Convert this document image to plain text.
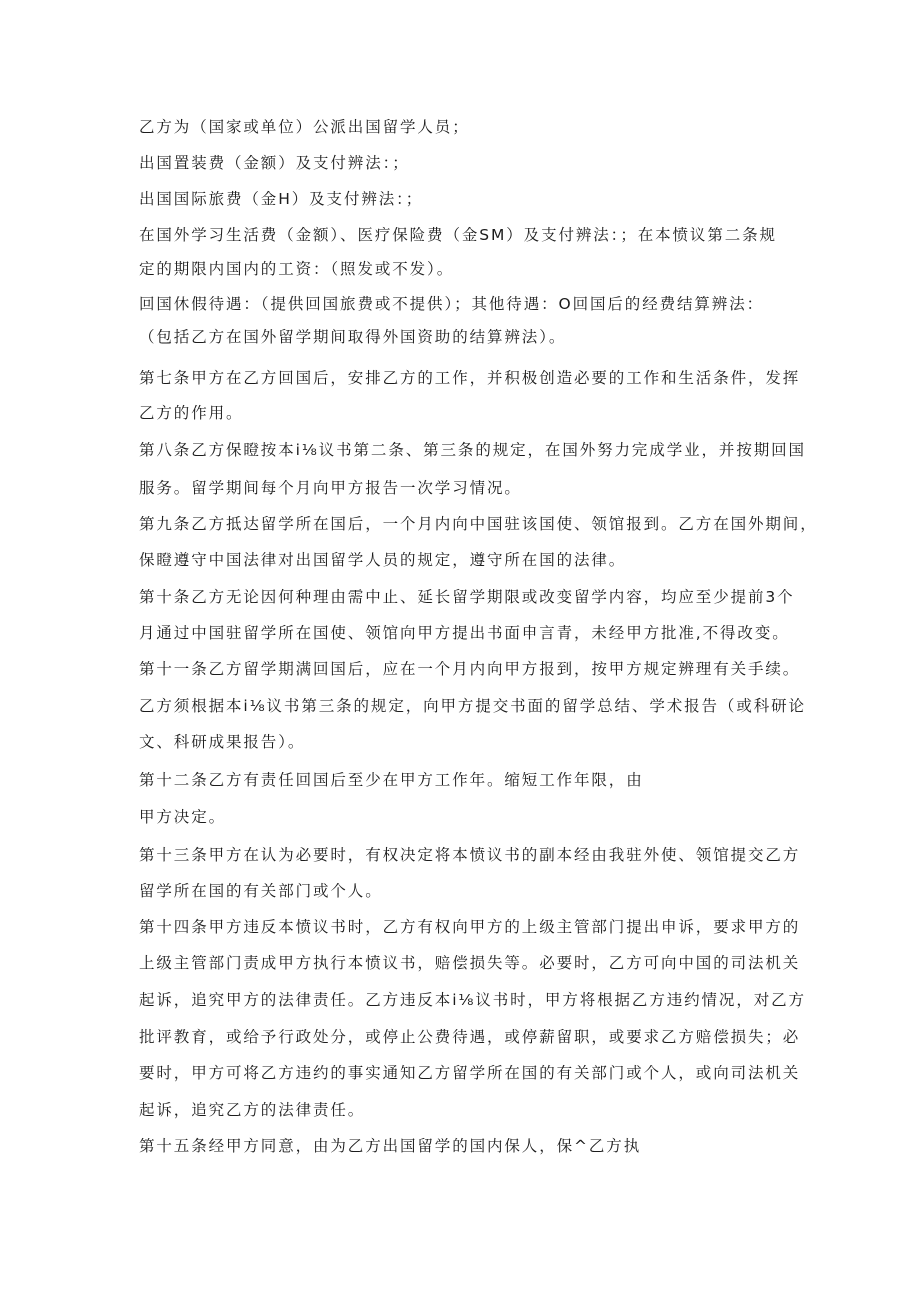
乙方为（国家或单位）公派出国留学人员；

出国置装费（金额）及支付辨法：；

出国国际旅费（金H）及支付辨法：；

在国外学习生活费（金额）、医疗保险费（金SM）及支付辨法：；在本愤议第二条规

定的期限内国内的工资：（照发或不发）。

回国休假待遇：（提供回国旅费或不提供）；其他待遇：O回国后的经费结算辨法：

（包括乙方在国外留学期间取得外国资助的结算辨法）。

第七条甲方在乙方回国后，安排乙方的工作，并积极创造必要的工作和生活条件，发挥

乙方的作用。

第八条乙方保瞪按本i⅛议书第二条、第三条的规定，在国外努力完成学业，并按期回国

服务。留学期间每个月向甲方报告一次学习情况。

第九条乙方抵达留学所在国后，一个月内向中国驻该国使、领馆报到。乙方在国外期间，

保瞪遵守中国法律对出国留学人员的规定，遵守所在国的法律。

第十条乙方无论因何种理由需中止、延长留学期限或改变留学内容，均应至少提前3个

月通过中国驻留学所在国使、领馆向甲方提出书面申言青，未经甲方批准,不得改变。

第十一条乙方留学期满回国后，应在一个月内向甲方报到，按甲方规定辨理有关手续。

乙方须根据本i⅛议书第三条的规定，向甲方提交书面的留学总结、学术报告（或科研论

文、科研成果报告）。

第十二条乙方有责任回国后至少在甲方工作年。缩短工作年限，由

甲方决定。

第十三条甲方在认为必要时，有权决定将本愤议书的副本经由我驻外使、领馆提交乙方

留学所在国的有关部门或个人。

第十四条甲方违反本愤议书时，乙方有权向甲方的上级主管部门提出申诉，要求甲方的

上级主管部门责成甲方执行本愤议书，赔偿损失等。必要时，乙方可向中国的司法机关

起诉，追究甲方的法律责任。乙方违反本i⅛议书时，甲方将根据乙方违约情况，对乙方

批评教育，或给予行政处分，或停止公费待遇，或停薪留职，或要求乙方赔偿损失；必

要时，甲方可将乙方违约的事实通知乙方留学所在国的有关部门或个人，或向司法机关

起诉，追究乙方的法律责任。

第十五条经甲方同意，由为乙方出国留学的国内保人，保^乙方执
